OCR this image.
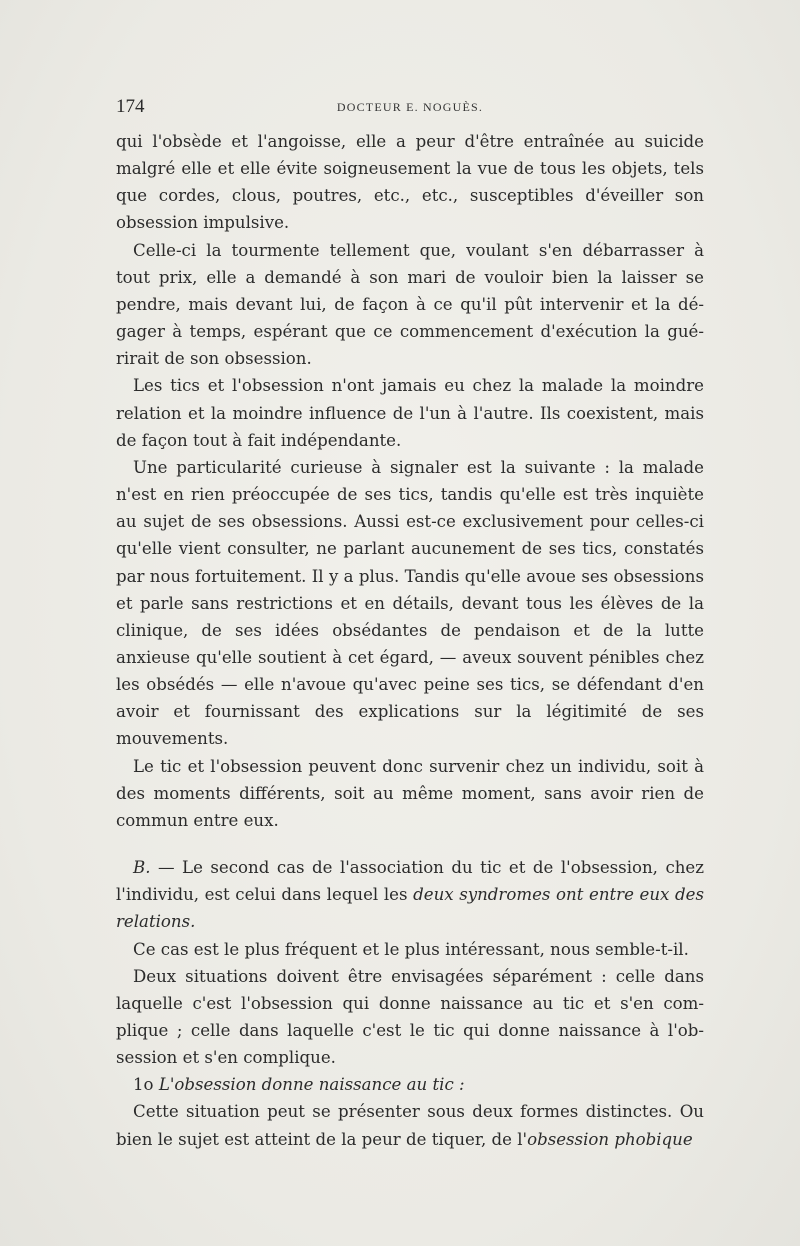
174	DOCTEUR E. NOGUÈS.

qui l'obsède et l'angoisse, elle a peur d'être entraînée au suicide malgré elle et elle évite soigneusement la vue de tous les objets, tels que cordes, clous, poutres, etc., etc., susceptibles d'éveiller son obsession impulsive.

Celle-ci la tourmente tellement que, voulant s'en débarrasser à tout prix, elle a demandé à son mari de vouloir bien la laisser se pendre, mais devant lui, de façon à ce qu'il pût intervenir et la dégager à temps, espérant que ce commencement d'exécution la guérirait de son obsession.

Les tics et l'obsession n'ont jamais eu chez la malade la moindre relation et la moindre influence de l'un à l'autre. Ils coexistent, mais de façon tout à fait indépendante.

Une particularité curieuse à signaler est la suivante : la malade n'est en rien préoccupée de ses tics, tandis qu'elle est très inquiète au sujet de ses obsessions. Aussi est-ce exclusivement pour celles-ci qu'elle vient consulter, ne parlant aucunement de ses tics, constatés par nous fortuitement. Il y a plus. Tandis qu'elle avoue ses obsessions et parle sans restrictions et en détails, devant tous les élèves de la clinique, de ses idées obsédantes de pendaison et de la lutte anxieuse qu'elle soutient à cet égard, — aveux souvent pénibles chez les obsédés — elle n'avoue qu'avec peine ses tics, se défendant d'en avoir et fournissant des explications sur la légitimité de ses mouvements.

Le tic et l'obsession peuvent donc survenir chez un individu, soit à des moments différents, soit au même moment, sans avoir rien de commun entre eux.

B. — Le second cas de l'association du tic et de l'obsession, chez l'individu, est celui dans lequel les deux syndromes ont entre eux des relations.

Ce cas est le plus fréquent et le plus intéressant, nous semble-t-il.

Deux situations doivent être envisagées séparément : celle dans laquelle c'est l'obsession qui donne naissance au tic et s'en complique ; celle dans laquelle c'est le tic qui donne naissance à l'obsession et s'en complique.

1o L'obsession donne naissance au tic :

Cette situation peut se présenter sous deux formes distinctes. Ou bien le sujet est atteint de la peur de tiquer, de l'obsession phobique
